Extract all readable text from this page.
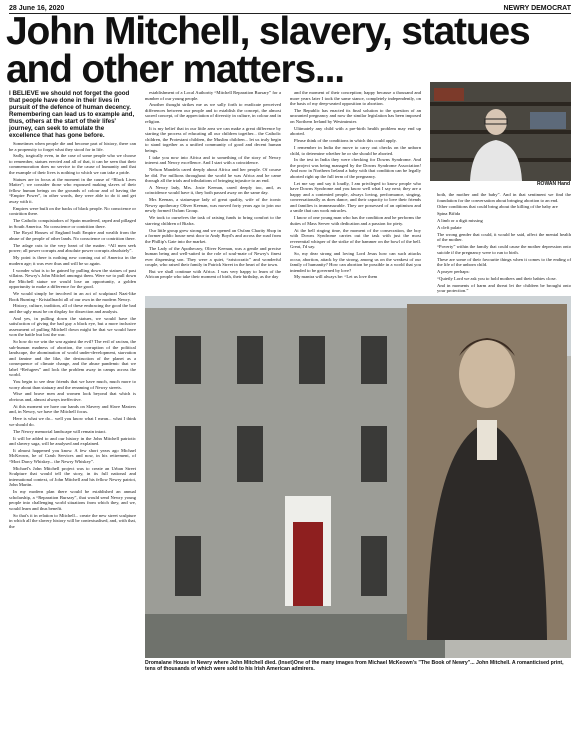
28 June 16, 2020	NEWRY DEMOCRAT
John Mitchell, slavery, statues and other matters...

I BELIEVE we should not forget the good that people have done in their lives in pursuit of the defence of human decency. Remembering can lead us to example and, thus, others at the start of their lifes' journey, can seek to emulate the excellence that has gone before.

Sometimes when people die and become part of history, there can be a propensity to forget what they stood for in life.

Sadly, tragically even, in the case of some people who we choose to remember, statues erected and all of that, it can be seen that their commemoration does no service to the cause of humanity and that the example of their lives is nothing to which we can take a pride.

Statues are in focus at the moment in the cause of “Black Lives Matter”; we consider those who espoused making slaves of their fellow human beings on the grounds of colour and of having the “Empire Power”, in other words, they were able to do it and get away with it.

Empires were built on the backs of black people. No conscience or contrition there.

The Catholic conquistadors of Spain murdered, raped and pillaged in South America. No conscience or contrition there.

The Royal Houses of England built Empire and wealth from the abuse of the people of other lands. No conscience or contrition there.

The adage cuts to the very heart of the matter. “All men seek power; all power corrupts and absolute power corrupts absolutely”.

My point is there is nothing new coming out of America in the modern age; it was ever thus and will be so again.

I wonder what is to be gained by pulling down the statues of past villains. Newry's John Mitchel amongst them. Were we to pull down the Mitchell statue we would lose an opportunity, a golden opportunity to make a difference for the good.

We would simply be involved in an act of sculptural Nazi-like Book Burning - Kristallnacht all of our own in the modern Newry.

History, culture, tradition, all of these embracing the good the bad and the ugly must be on display for dissection and analysis.

And yes, in pulling down the statues, we would have the satisfaction of giving the bad guy a black eye, but a more inclusive assessment of pulling Mitchell down might be that we would have won the battle but lost the war.

So how do we win the war against the evil? The evil of racism, the sub-human madness of abortion, the corruption of the political landscape, the abomination of world under-development, starvation and famine and the like, the destruction of the planet as a consequence of climate change, and the abuse pandemic that we label “Refugees” and lock the problem away in camps across the world.

You begin to see dear friends that we have much, much more to worry about than statuary and the renaming of Newry streets.

Wise and brave men and women look beyond that which is obvious and, almost always ineffective.

At this moment we have our hands on Slavery and Slave Masters and, in Newry, we have the Mitchell focus.

Here is what we do... well you know what I mean... what I think we should do.

The Newry memorial landscape will remain intact.

It will be added to and our history in the John Mitchell patriotic and slavery saga, will be analysed and explained.

It almost happened you know. A few short years ago Michael McKeown, he of Crash Services and now, in his retirement, of “Mort Darcy Whiskey... the Newry Whiskey”.

Michael's John Mitchell project was to create an Urban Street Sculpture that would tell the story, in its full national and international context, of John Mitchell and his fellow Newry patriot, John Martin.

In my modern plan there would be established an annual scholarship, a “Reparation Bursary”, that would send Newry young people into challenging world situations from which they, and we, would learn and thus benefit.

So that's it in relation to Mitchell... create the new street sculpture in which all the slavery history will be contextualised, and, with that, the

establishment of a Local Authority “Mitchell Reparation Bursary” for a number of our young people.

Another thought strikes me as we sally forth to eradicate perceived differences between our people and to establish the concept, the almost sacred concept, of the appreciation of diversity in culture, in colour and in religion.

It is my belief that in our little area we can make a great difference by starting the process of educating all our children together... the Catholic children, the Protestant children, the Muslim children... let us truly begin to stand together as a unified community of good and decent human beings.

I take you now into Africa and to something of the story of Newry interest and Newry excellence. And I start with a coincidence.

Nelson Mandela cared deeply about Africa and her people. Of course he did. For millions throughout the world he was Africa and he came through all the trials and tribulations of bringing injustice to an end.

A Newry lady, Mrs. Josie Keenan, cared deeply too, and, as coincidence would have it, they both passed away on the same day.

Mrs Keenan, a statuesque lady of great quality, wife of the iconic Newry apothecary Oliver Keenan, was moved forty years ago to join our newly formed Oxfam Group.

We took to ourselves the task of raising funds to bring comfort to the starving children of Biafra.

Our little group grew strong and we opened an Oxfam Charity Shop in a former public house next door to Andy Boyd's and across the road from the Phillip's Gate into the market.

The Lady of the Apothecary, Oliver Keenan, was a gentle and precise human being and well-suited to the role of soul-mate of Newry's finest ever dispensing son. They were a quiet, “aristocratic” and wonderful couple, who raised their family in Patrick Street in the heart of the town.

But we shall continue with Africa. I was very happy to learn of the African people who take their moment of birth, their birthday, as the day

and the moment of their conception; happy because a thousand and more years later I took the same stance, completely independently, on the basis of my deep-seated opposition to abortion.

The Republic has enacted its final solution to the question of an unwanted pregnancy and now the similar legislation has been imposed on Northern Ireland by Westminster.

Ultimately any child with a pre-birth health problem may end up aborted.

Please think of the conditions in which this could apply.

I remember in India the move to carry out checks on the unborn child, to determine whether he or she should be aborted.

In the test in India they were checking for Downs Syndrome. And the project was being managed by the Downs Syndrome Association! And now in Northern Ireland a baby with that condition can be legally aborted right up the full term of the pregnancy.

Let me say and say it loudly, I am privileged to know people who have Downs Syndrome and you know well what I say next; they are a happy and a contented people, always loving, performance, singing, conversationally as does dance, and their capacity to love their friends and families is immeasurable. They are possessed of an optimism and a smile that can work miracles.

I know of one young man who has the condition and he performs the duties of Mass Server with dedication and a passion for piety.

At the bell ringing time, the moment of the consecration, the boy with Downs Syndrome carries out the task with just the most reverential whisper of the strike of the hammer on the bowl of the bell. Great, I'd say.

So, my dear strong and loving Lord Jesus how can such attacks occur, abortion, attack by the strong, among us on the weakest of our family of humanity? How can abortion be possible in a world that you intended to be governed by love?

My mantra will always be: “Let us love them

ROWAN Hand

both, the mother and the baby”. And in that sentiment we find the foundation for the conversation about bringing abortion to an end.

Other conditions that could bring about the killing of the baby are

Spina Bifida

A limb or a digit missing

A cleft palate

The wrong gender that could, it would be said, affect the mental health of the mother.

“Poverty” within the family that could cause the mother depression onto suicide if the pregnancy were to run to birth.

These are some of their favourite things when it comes to the ending of the life of the unborn child.

A prayer perhaps:

“Quietly Lord we ask you to hold mothers and their babies close.

And in moments of harm and threat let the children be brought onto your protection.”

Dromalane House in Newry where John Mitchell died. (Inset)One of the many images from Michael McKeown's "The Book of Newry"... John Mitchell. A romanticised print, tens of thousands of which were sold to his Irish American admirers.
